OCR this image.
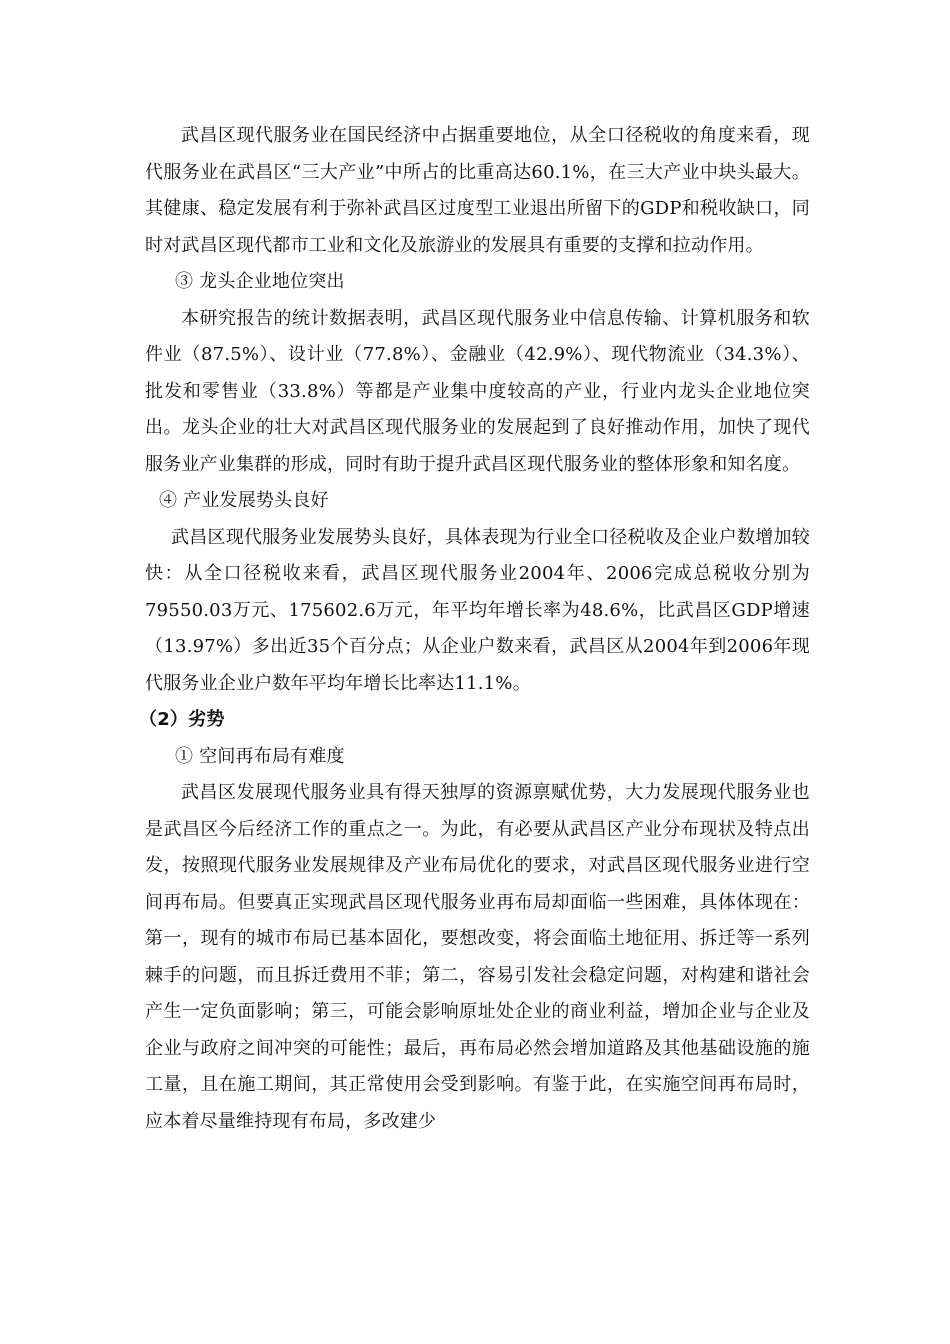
武昌区现代服务业在国民经济中占据重要地位，从全口径税收的角度来看，现代服务业在武昌区“三大产业”中所占的比重高达60.1%，在三大产业中块头最大。其健康、稳定发展有利于弥补武昌区过度型工业退出所留下的GDP和税收缺口，同时对武昌区现代都市工业和文化及旅游业的发展具有重要的支撑和拉动作用。

③ 龙头企业地位突出

本研究报告的统计数据表明，武昌区现代服务业中信息传输、计算机服务和软件业（87.5%）、设计业（77.8%）、金融业（42.9%）、现代物流业（34.3%）、批发和零售业（33.8%）等都是产业集中度较高的产业，行业内龙头企业地位突出。龙头企业的壮大对武昌区现代服务业的发展起到了良好推动作用，加快了现代服务业产业集群的形成，同时有助于提升武昌区现代服务业的整体形象和知名度。

④ 产业发展势头良好

武昌区现代服务业发展势头良好，具体表现为行业全口径税收及企业户数增加较快：从全口径税收来看，武昌区现代服务业2004年、2006完成总税收分别为79550.03万元、175602.6万元，年平均年增长率为48.6%，比武昌区GDP增速（13.97%）多出近35个百分点；从企业户数来看，武昌区从2004年到2006年现代服务业企业户数年平均年增长比率达11.1%。

（2）劣势

① 空间再布局有难度

武昌区发展现代服务业具有得天独厚的资源禀赋优势，大力发展现代服务业也是武昌区今后经济工作的重点之一。为此，有必要从武昌区产业分布现状及特点出发，按照现代服务业发展规律及产业布局优化的要求，对武昌区现代服务业进行空间再布局。但要真正实现武昌区现代服务业再布局却面临一些困难，具体体现在：第一，现有的城市布局已基本固化，要想改变，将会面临土地征用、拆迁等一系列棘手的问题，而且拆迁费用不菲；第二，容易引发社会稳定问题，对构建和谐社会产生一定负面影响；第三，可能会影响原址处企业的商业利益，增加企业与企业及企业与政府之间冲突的可能性；最后，再布局必然会增加道路及其他基础设施的施工量，且在施工期间，其正常使用会受到影响。有鉴于此，在实施空间再布局时，应本着尽量维持现有布局，多改建少
